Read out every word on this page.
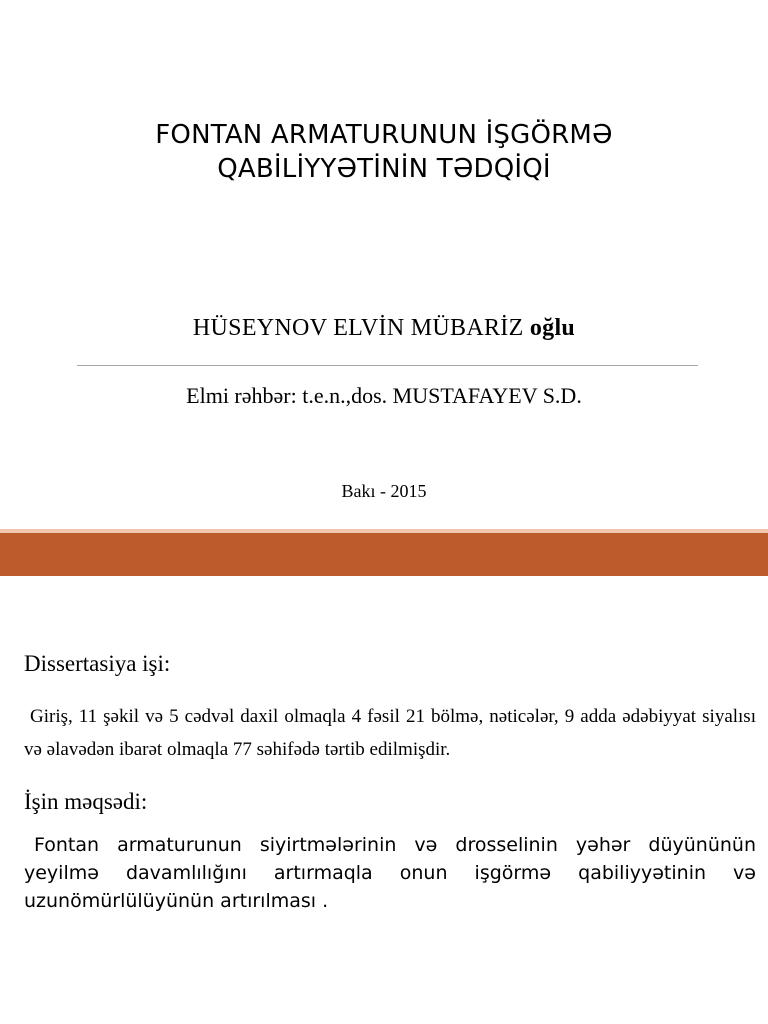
FONTAN ARMATURUNUN İŞGÖRMƏ
QABİLİYYƏTİNİN TƏDQİQİ
HÜSEYNOV ELVİN MÜBARİZ oğlu
Elmi rəhbər: t.e.n.,dos. MUSTAFAYEV S.D.
Bakı - 2015
Dissertasiya işi:
Giriş, 11 şəkil və 5 cədvəl daxil olmaqla 4 fəsil 21 bölmə, nəticələr, 9 adda ədəbiyyat siyalısı və əlavədən ibarət olmaqla 77 səhifədə tərtib edilmişdir.
İşin məqsədi:
Fontan armaturunun siyirtmələrinin və drosselinin yəhər düyününün yeyilmə davamlılığını artırmaqla onun işgörmə qabiliyyətinin və uzunömürlülüyünün artırılması .
